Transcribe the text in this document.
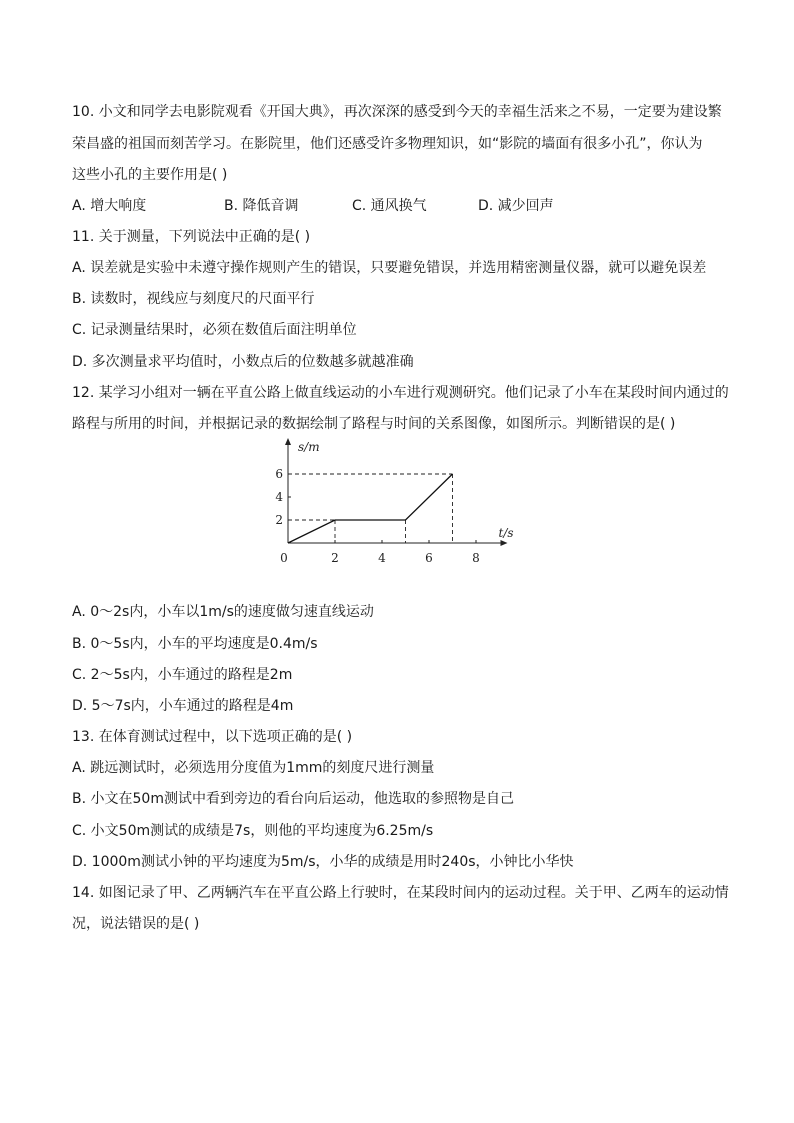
10. 小文和同学去电影院观看《开国大典》，再次深深的感受到今天的幸福生活来之不易，一定要为建设繁
荣昌盛的祖国而刻苦学习。在影院里，他们还感受许多物理知识，如“影院的墙面有很多小孔”，你认为
这些小孔的主要作用是( )
A. 增大响度	B. 降低音调	C. 通风换气	D. 减少回声
11. 关于测量，下列说法中正确的是( )
A. 误差就是实验中未遵守操作规则产生的错误，只要避免错误，并选用精密测量仪器，就可以避免误差
B. 读数时，视线应与刻度尺的尺面平行
C. 记录测量结果时，必须在数值后面注明单位
D. 多次测量求平均值时，小数点后的位数越多就越准确
12. 某学习小组对一辆在平直公路上做直线运动的小车进行观测研究。他们记录了小车在某段时间内通过的
路程与所用的时间，并根据记录的数据绘制了路程与时间的关系图像，如图所示。判断错误的是( )
t/s
s/m
0	2	4	6	8
2
4
6
A. 0～2s内，小车以1m/s的速度做匀速直线运动
B. 0～5s内，小车的平均速度是0.4m/s
C. 2～5s内，小车通过的路程是2m
D. 5～7s内，小车通过的路程是4m
13. 在体育测试过程中，以下选项正确的是( )
A. 跳远测试时，必须选用分度值为1mm的刻度尺进行测量
B. 小文在50m测试中看到旁边的看台向后运动，他选取的参照物是自己
C. 小文50m测试的成绩是7s，则他的平均速度为6.25m/s
D. 1000m测试小钟的平均速度为5m/s，小华的成绩是用时240s，小钟比小华快
14. 如图记录了甲、乙两辆汽车在平直公路上行驶时，在某段时间内的运动过程。关于甲、乙两车的运动情
况，说法错误的是( )
